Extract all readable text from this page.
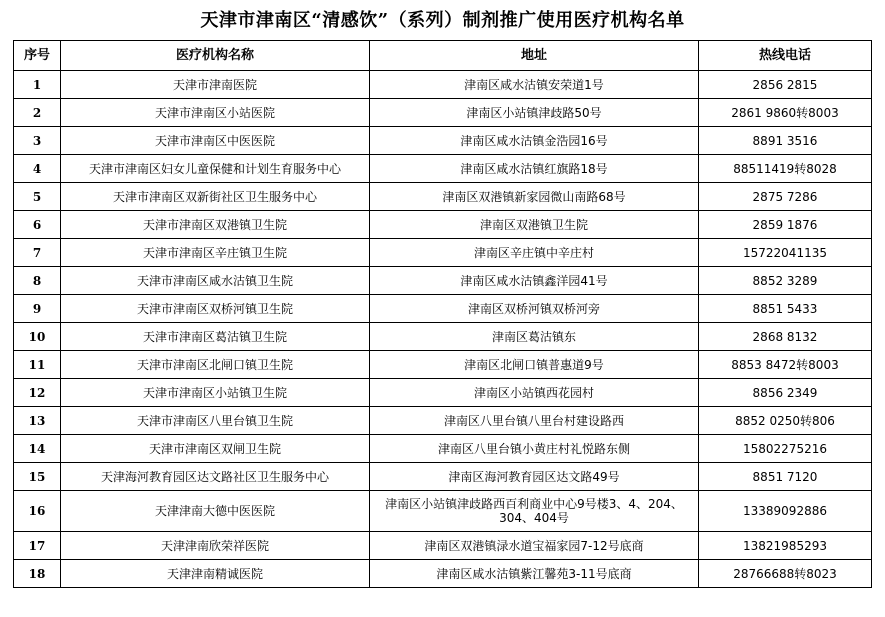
天津市津南区“清感饮”（系列）制剂推广使用医疗机构名单
序号	医疗机构名称	地址	热线电话
1	天津市津南医院	津南区咸水沽镇安荣道1号	2856 2815
2	天津市津南区小站医院	津南区小站镇津歧路50号	2861 9860转8003
3	天津市津南区中医医院	津南区咸水沽镇金浩园16号	8891 3516
4	天津市津南区妇女儿童保健和计划生育服务中心	津南区咸水沽镇红旗路18号	88511419转8028
5	天津市津南区双新街社区卫生服务中心	津南区双港镇新家园微山南路68号	2875 7286
6	天津市津南区双港镇卫生院	津南区双港镇卫生院	2859 1876
7	天津市津南区辛庄镇卫生院	津南区辛庄镇中辛庄村	15722041135
8	天津市津南区咸水沽镇卫生院	津南区咸水沽镇鑫洋园41号	8852 3289
9	天津市津南区双桥河镇卫生院	津南区双桥河镇双桥河旁	8851 5433
10	天津市津南区葛沽镇卫生院	津南区葛沽镇东	2868 8132
11	天津市津南区北闸口镇卫生院	津南区北闸口镇普惠道9号	8853 8472转8003
12	天津市津南区小站镇卫生院	津南区小站镇西花园村	8856 2349
13	天津市津南区八里台镇卫生院	津南区八里台镇八里台村建设路西	8852 0250转806
14	天津市津南区双闸卫生院	津南区八里台镇小黄庄村礼悦路东侧	15802275216
15	天津海河教育园区达文路社区卫生服务中心	津南区海河教育园区达文路49号	8851 7120
16	天津津南大德中医医院	津南区小站镇津歧路西百利商业中心9号楼3、4、204、304、404号	13389092886
17	天津津南欣荣祥医院	津南区双港镇渌水道宝福家园7-12号底商	13821985293
18	天津津南精诚医院	津南区咸水沽镇紫江馨苑3-11号底商	28766688转8023
